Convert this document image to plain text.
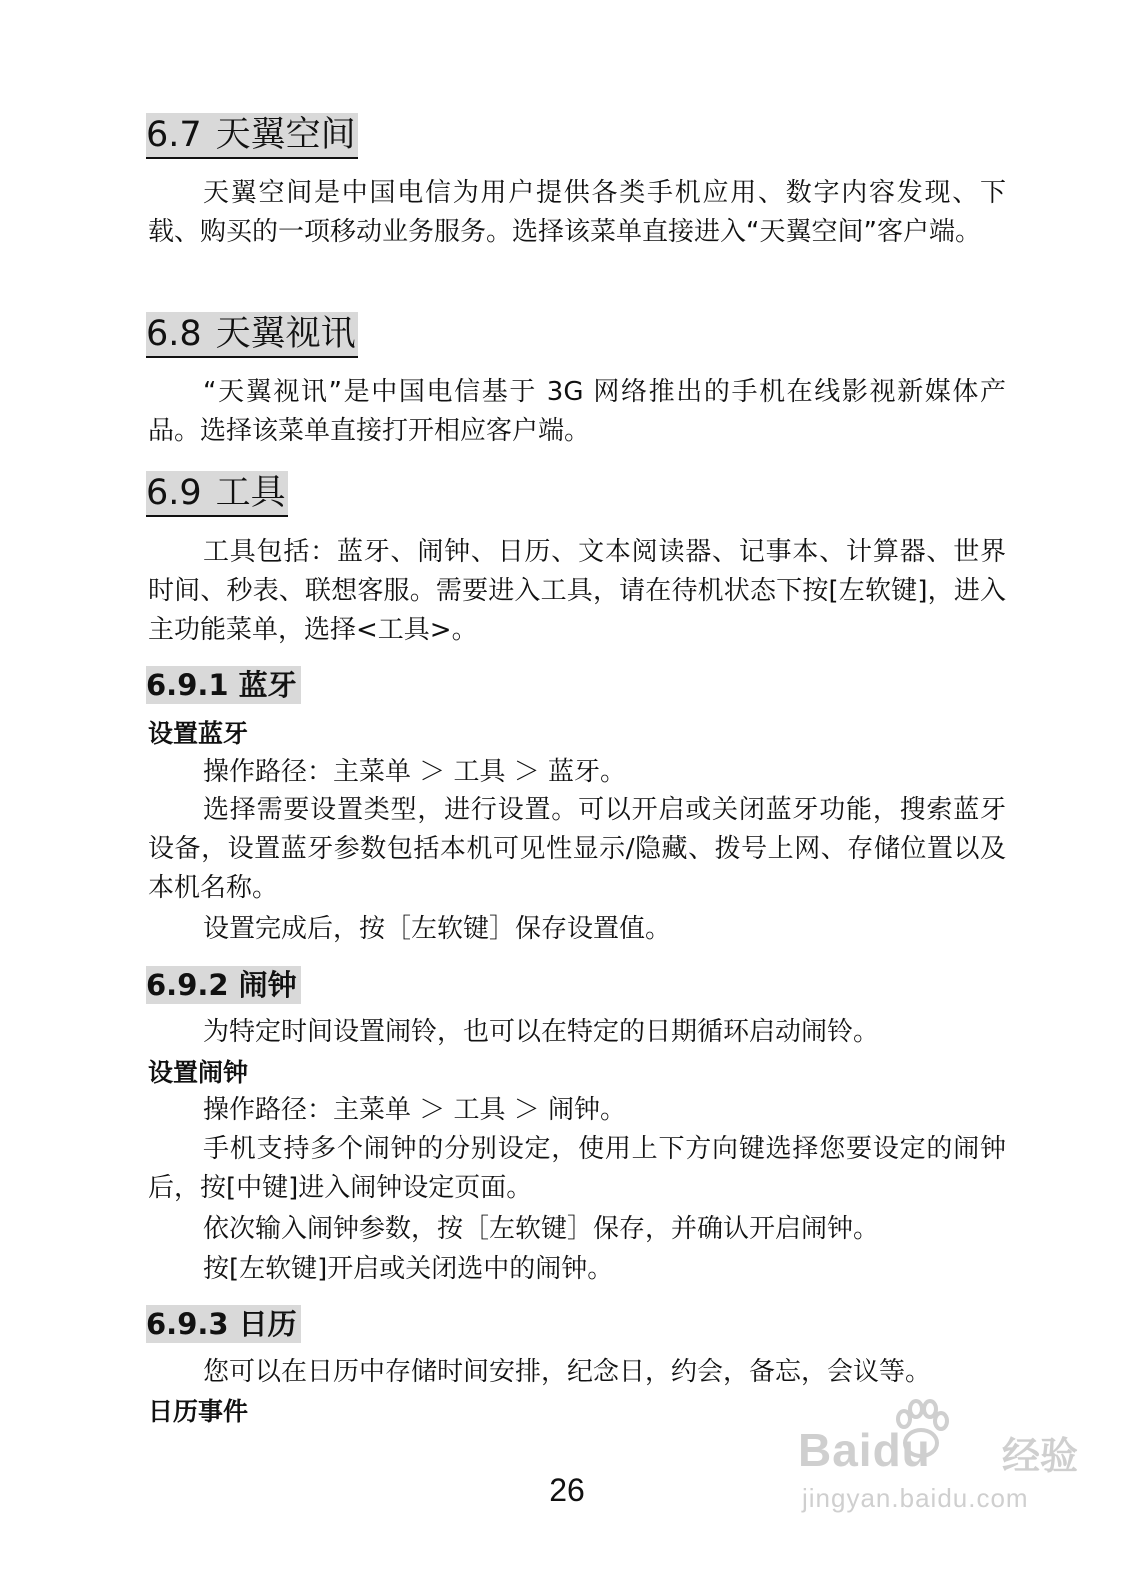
6.7 天翼空间

天翼空间是中国电信为用户提供各类手机应用、数字内容发现、下载、购买的一项移动业务服务。选择该菜单直接进入“天翼空间”客户端。

6.8 天翼视讯

“天翼视讯”是中国电信基于 3G 网络推出的手机在线影视新媒体产品。选择该菜单直接打开相应客户端。

6.9 工具

工具包括：蓝牙、闹钟、日历、文本阅读器、记事本、计算器、世界时间、秒表、联想客服。需要进入工具，请在待机状态下按[左软键]，进入主功能菜单，选择<工具>。

6.9.1 蓝牙
设置蓝牙

操作路径：主菜单 ＞ 工具 ＞ 蓝牙。

选择需要设置类型，进行设置。可以开启或关闭蓝牙功能，搜索蓝牙设备，设置蓝牙参数包括本机可见性显示/隐藏、拨号上网、存储位置以及本机名称。

设置完成后，按［左软键］保存设置值。

6.9.2 闹钟

为特定时间设置闹铃，也可以在特定的日期循环启动闹铃。

设置闹钟

操作路径：主菜单 ＞ 工具 ＞ 闹钟。

手机支持多个闹钟的分别设定，使用上下方向键选择您要设定的闹钟后，按[中键]进入闹钟设定页面。

依次输入闹钟参数，按［左软键］保存，并确认开启闹钟。

按[左软键]开启或关闭选中的闹钟。

6.9.3 日历

您可以在日历中存储时间安排，纪念日，约会，备忘，会议等。

日历事件
26
Baidu 经验
jingyan.baidu.com
